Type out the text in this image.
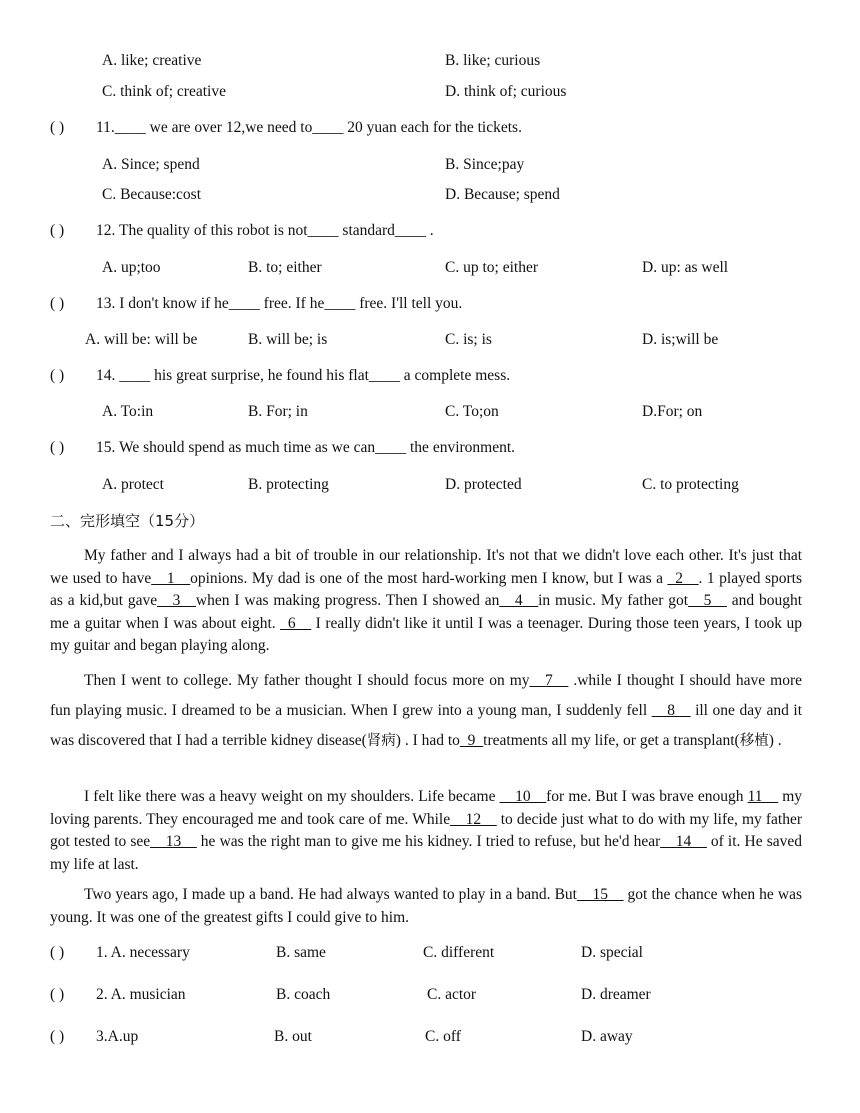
A. like; creative	B. like; curious
C. think of; creative	D. think of; curious
( ) 11.____ we are over 12,we need to____ 20 yuan each for the tickets.
A. Since; spend	B. Since;pay
C. Because:cost	D. Because; spend
( ) 12. The quality of this robot is not____ standard____ .
A. up;too	B. to; either	C. up to; either	D. up: as well
( ) 13. I don't know if he____ free. If he____ free. I'll tell you.
A. will be: will be	B. will be; is	C. is; is	D. is;will be
( ) 14. ____ his great surprise, he found his flat____ a complete mess.
A. To:in	B. For; in	C. To;on	D.For; on
( ) 15. We should spend as much time as we can____ the environment.
A. protect	B. protecting	D. protected	C. to protecting
二、完形填空（15分）
My father and I always had a bit of trouble in our relationship. It's not that we didn't love each other. It's just that we used to have__1__opinions. My dad is one of the most hard-working men I know, but I was a _2__. 1 played sports as a kid,but gave__3__when I was making progress. Then I showed an__4__in music. My father got__5__ and bought me a guitar when I was about eight. _6__ I really didn't like it until I was a teenager. During those teen years, I took up my guitar and began playing along.
Then I went to college. My father thought I should focus more on my__7__ .while I thought I should have more fun playing music. I dreamed to be a musician. When I grew into a young man, I suddenly fell __8__ ill one day and it was discovered that I had a terrible kidney disease(肾病) . I had to_9_treatments all my life, or get a transplant(移植) .
I felt like there was a heavy weight on my shoulders. Life became __10__for me. But I was brave enough 11__ my loving parents. They encouraged me and took care of me. While__12__ to decide just what to do with my life, my father got tested to see__13__ he was the right man to give me his kidney. I tried to refuse, but he'd hear__14__ of it. He saved my life at last.
Two years ago, I made up a band. He had always wanted to play in a band. But__15__ got the chance when he was young. It was one of the greatest gifts I could give to him.
( ) 1. A. necessary	B. same	C. different	D. special
( ) 2. A. musician	B. coach	C. actor	D. dreamer
( ) 3.A.up	B. out	C. off	D. away
